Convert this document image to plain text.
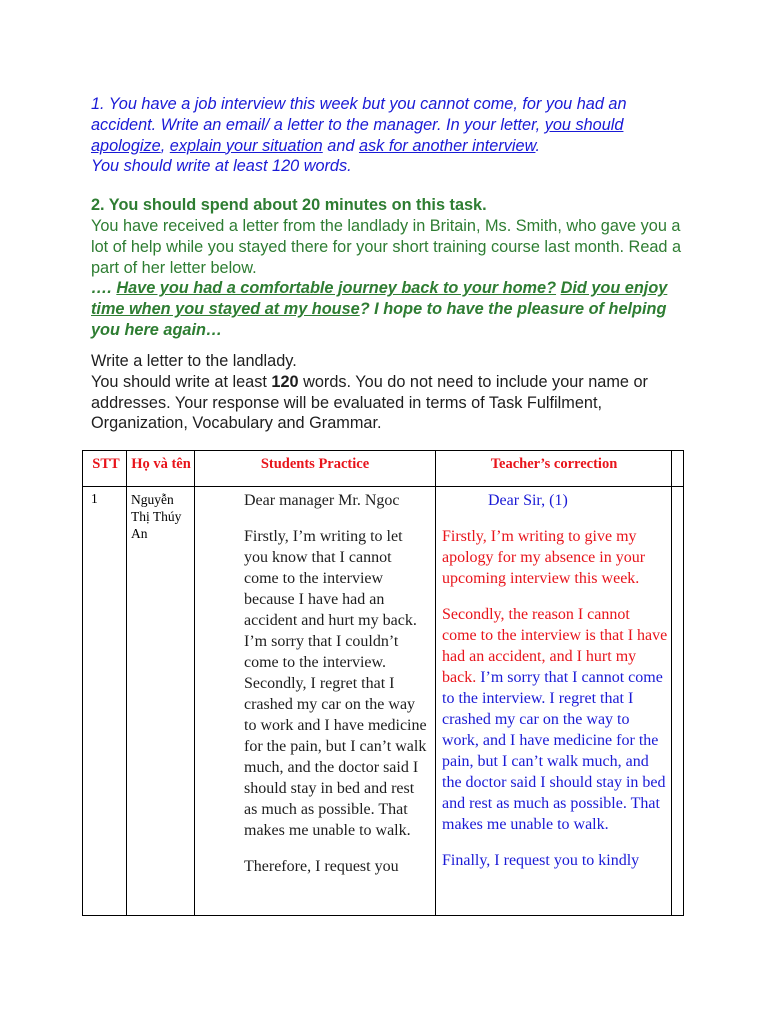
1. You have a job interview this week but you cannot come, for you had an
accident. Write an email/ a letter to the manager. In your letter, you should apologize, explain your situation and ask for another interview.
You should write at least 120 words.
2. You should spend about 20 minutes on this task.
You have received a letter from the landlady in Britain, Ms. Smith, who gave you a lot of help while you stayed there for your short training course last month. Read a part of her letter below.
…. Have you had a comfortable journey back to your home? Did you enjoy time when you stayed at my house? I hope to have the pleasure of helping you here again…
Write a letter to the landlady.
You should write at least 120 words. You do not need to include your name or addresses. Your response will be evaluated in terms of Task Fulfilment, Organization, Vocabulary and Grammar.
STT Họ và tên	Students Practice	Teacher’s correction
1 Nguyễn Thị Thúy An

Dear manager Mr. Ngoc

Firstly, I’m writing to let you know that I cannot come to the interview because I have had an accident and hurt my back. I’m sorry that I couldn’t come to the interview. Secondly, I regret that I crashed my car on the way to work and I have medicine for the pain, but I can’t walk much, and the doctor said I should stay in bed and rest as much as possible. That makes me unable to walk.

Therefore, I request you

Dear Sir, (1)

Firstly, I’m writing to give my apology for my absence in your upcoming interview this week.

Secondly, the reason I cannot come to the interview is that I have had an accident, and I hurt my back. I’m sorry that I cannot come to the interview. I regret that I crashed my car on the way to work, and I have medicine for the pain, but I can’t walk much, and the doctor said I should stay in bed and rest as much as possible. That makes me unable to walk.

Finally, I request you to kindly
